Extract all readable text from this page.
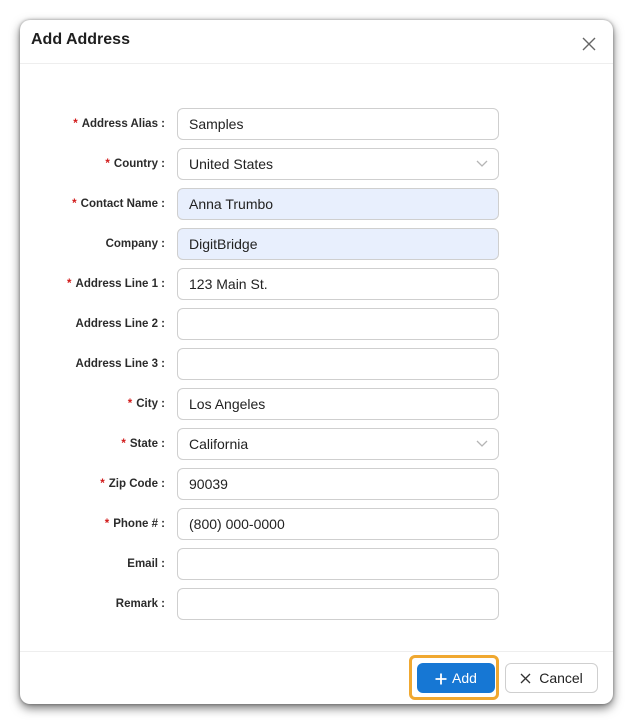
Add Address
* Address Alias :
Samples
* Country :	United States
* Contact Name :
Anna Trumbo
Company :
DigitBridge
* Address Line 1 :
123 Main St.
Address Line 2 :
Address Line 3 :
* City :
Los Angeles
* State :	California
* Zip Code :
90039
* Phone # :
(800) 000-0000
Email :
Remark :
Add	Cancel
